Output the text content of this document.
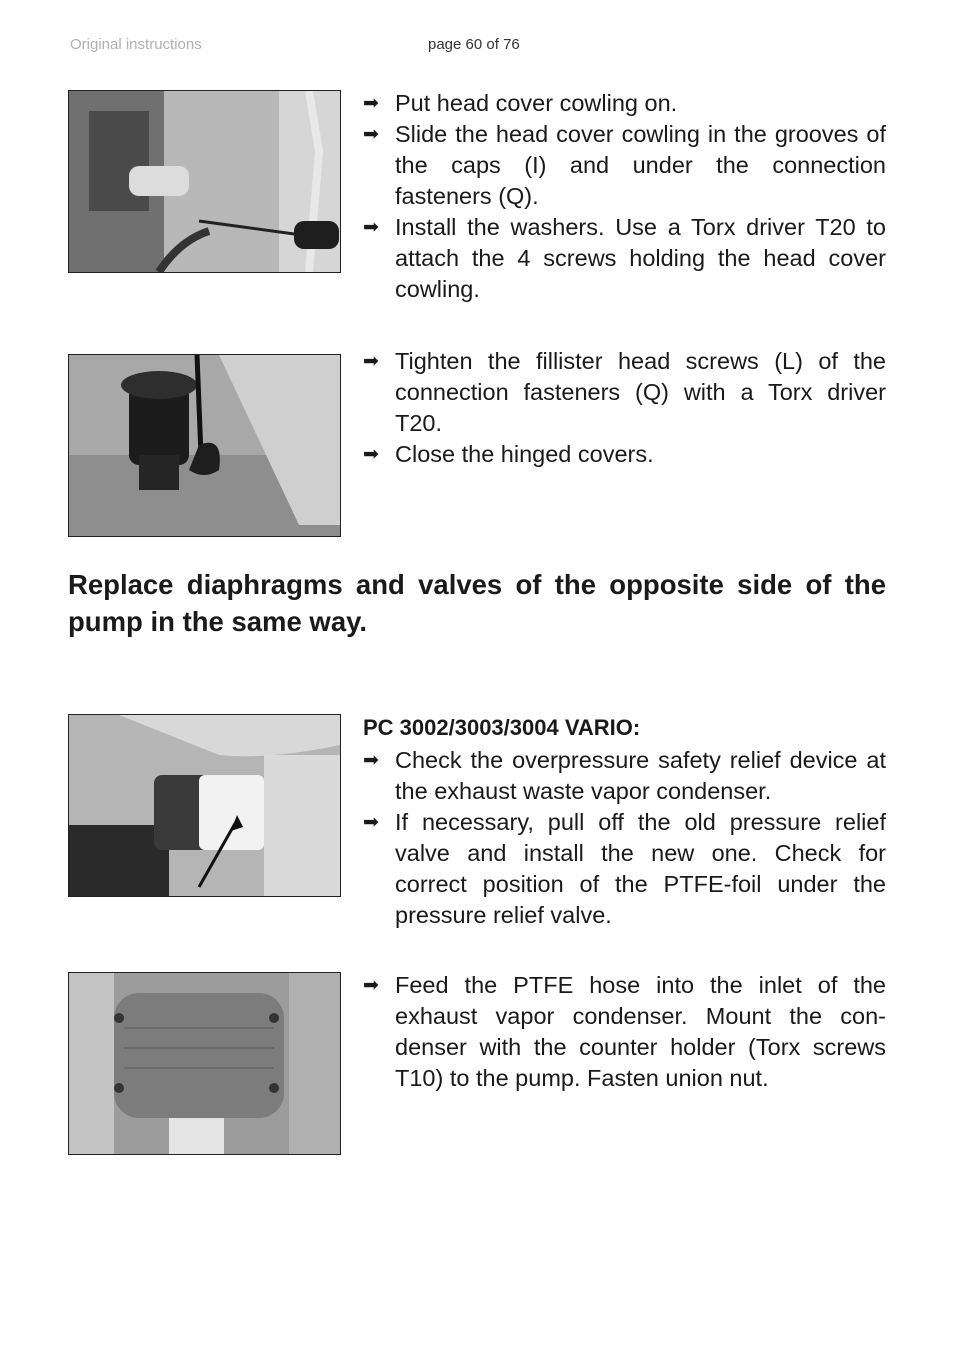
Original instructions	page 60 of 76
➡ Put head cover cowling on.
➡ Slide the head cover cowling in the grooves of the caps (I) and under the connection fasteners (Q).
➡ Install the washers. Use a Torx driver T20 to attach the 4 screws holding the head cover cowling.
➡ Tighten the fillister head screws (L) of the connection fasteners (Q) with a Torx driver T20.
➡ Close the hinged covers.
Replace diaphragms and valves of the opposite side of the pump in the same way.
PC 3002/3003/3004 VARIO:
➡ Check the overpressure safety relief device at the exhaust waste vapor condenser.
➡ If necessary, pull off the old pressure relief valve and install the new one. Check for correct position of the PTFE-foil under the pressure relief valve.
➡ Feed the PTFE hose into the inlet of the exhaust vapor condenser. Mount the con-denser with the counter holder (Torx screws T10) to the pump. Fasten union nut.
